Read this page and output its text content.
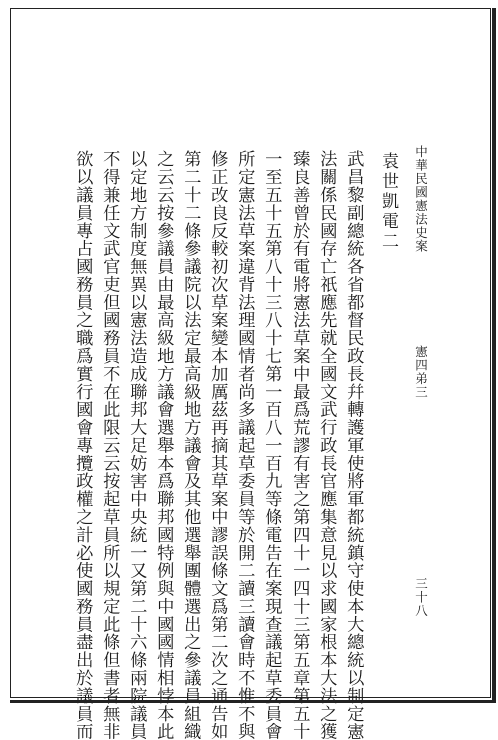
中華民國憲法史案
憲四弟三
三十八
袁世凱電二
武昌黎副總統各省都督民政長幷轉護軍使將軍都統鎮守使本大總統以制定憲
法關係民國存亡祇應先就全國文武行政長官應集意見以求國家根本大法之獲
臻良善曾於有電將憲法草案中最爲荒謬有害之第四十一四十三第五章第五十
一至五十五第八十三八十七第一百八一百九等條電告在案現查議起草委員會
所定憲法草案違背法理國情者尚多議起草委員等於開二讀三讀會時不惟不與
修正改良反較初次草案變本加厲茲再摘其草案中謬誤條文爲第二次之通告如
第二十二條參議院以法定最高級地方議會及其他選舉團體選出之參議員組織
之云云按參議員由最高級地方議會選舉本爲聯邦國特例與中國國情相悖本此
以定地方制度無異以憲法造成聯邦大足妨害中央統一又第二十六條兩院議員
不得兼任文武官吏但國務員不在此限云云按起草員所以規定此條但書者無非
欲以議員專占國務員之職爲實行國會專攬政權之計必使國務員盡出於議員而
